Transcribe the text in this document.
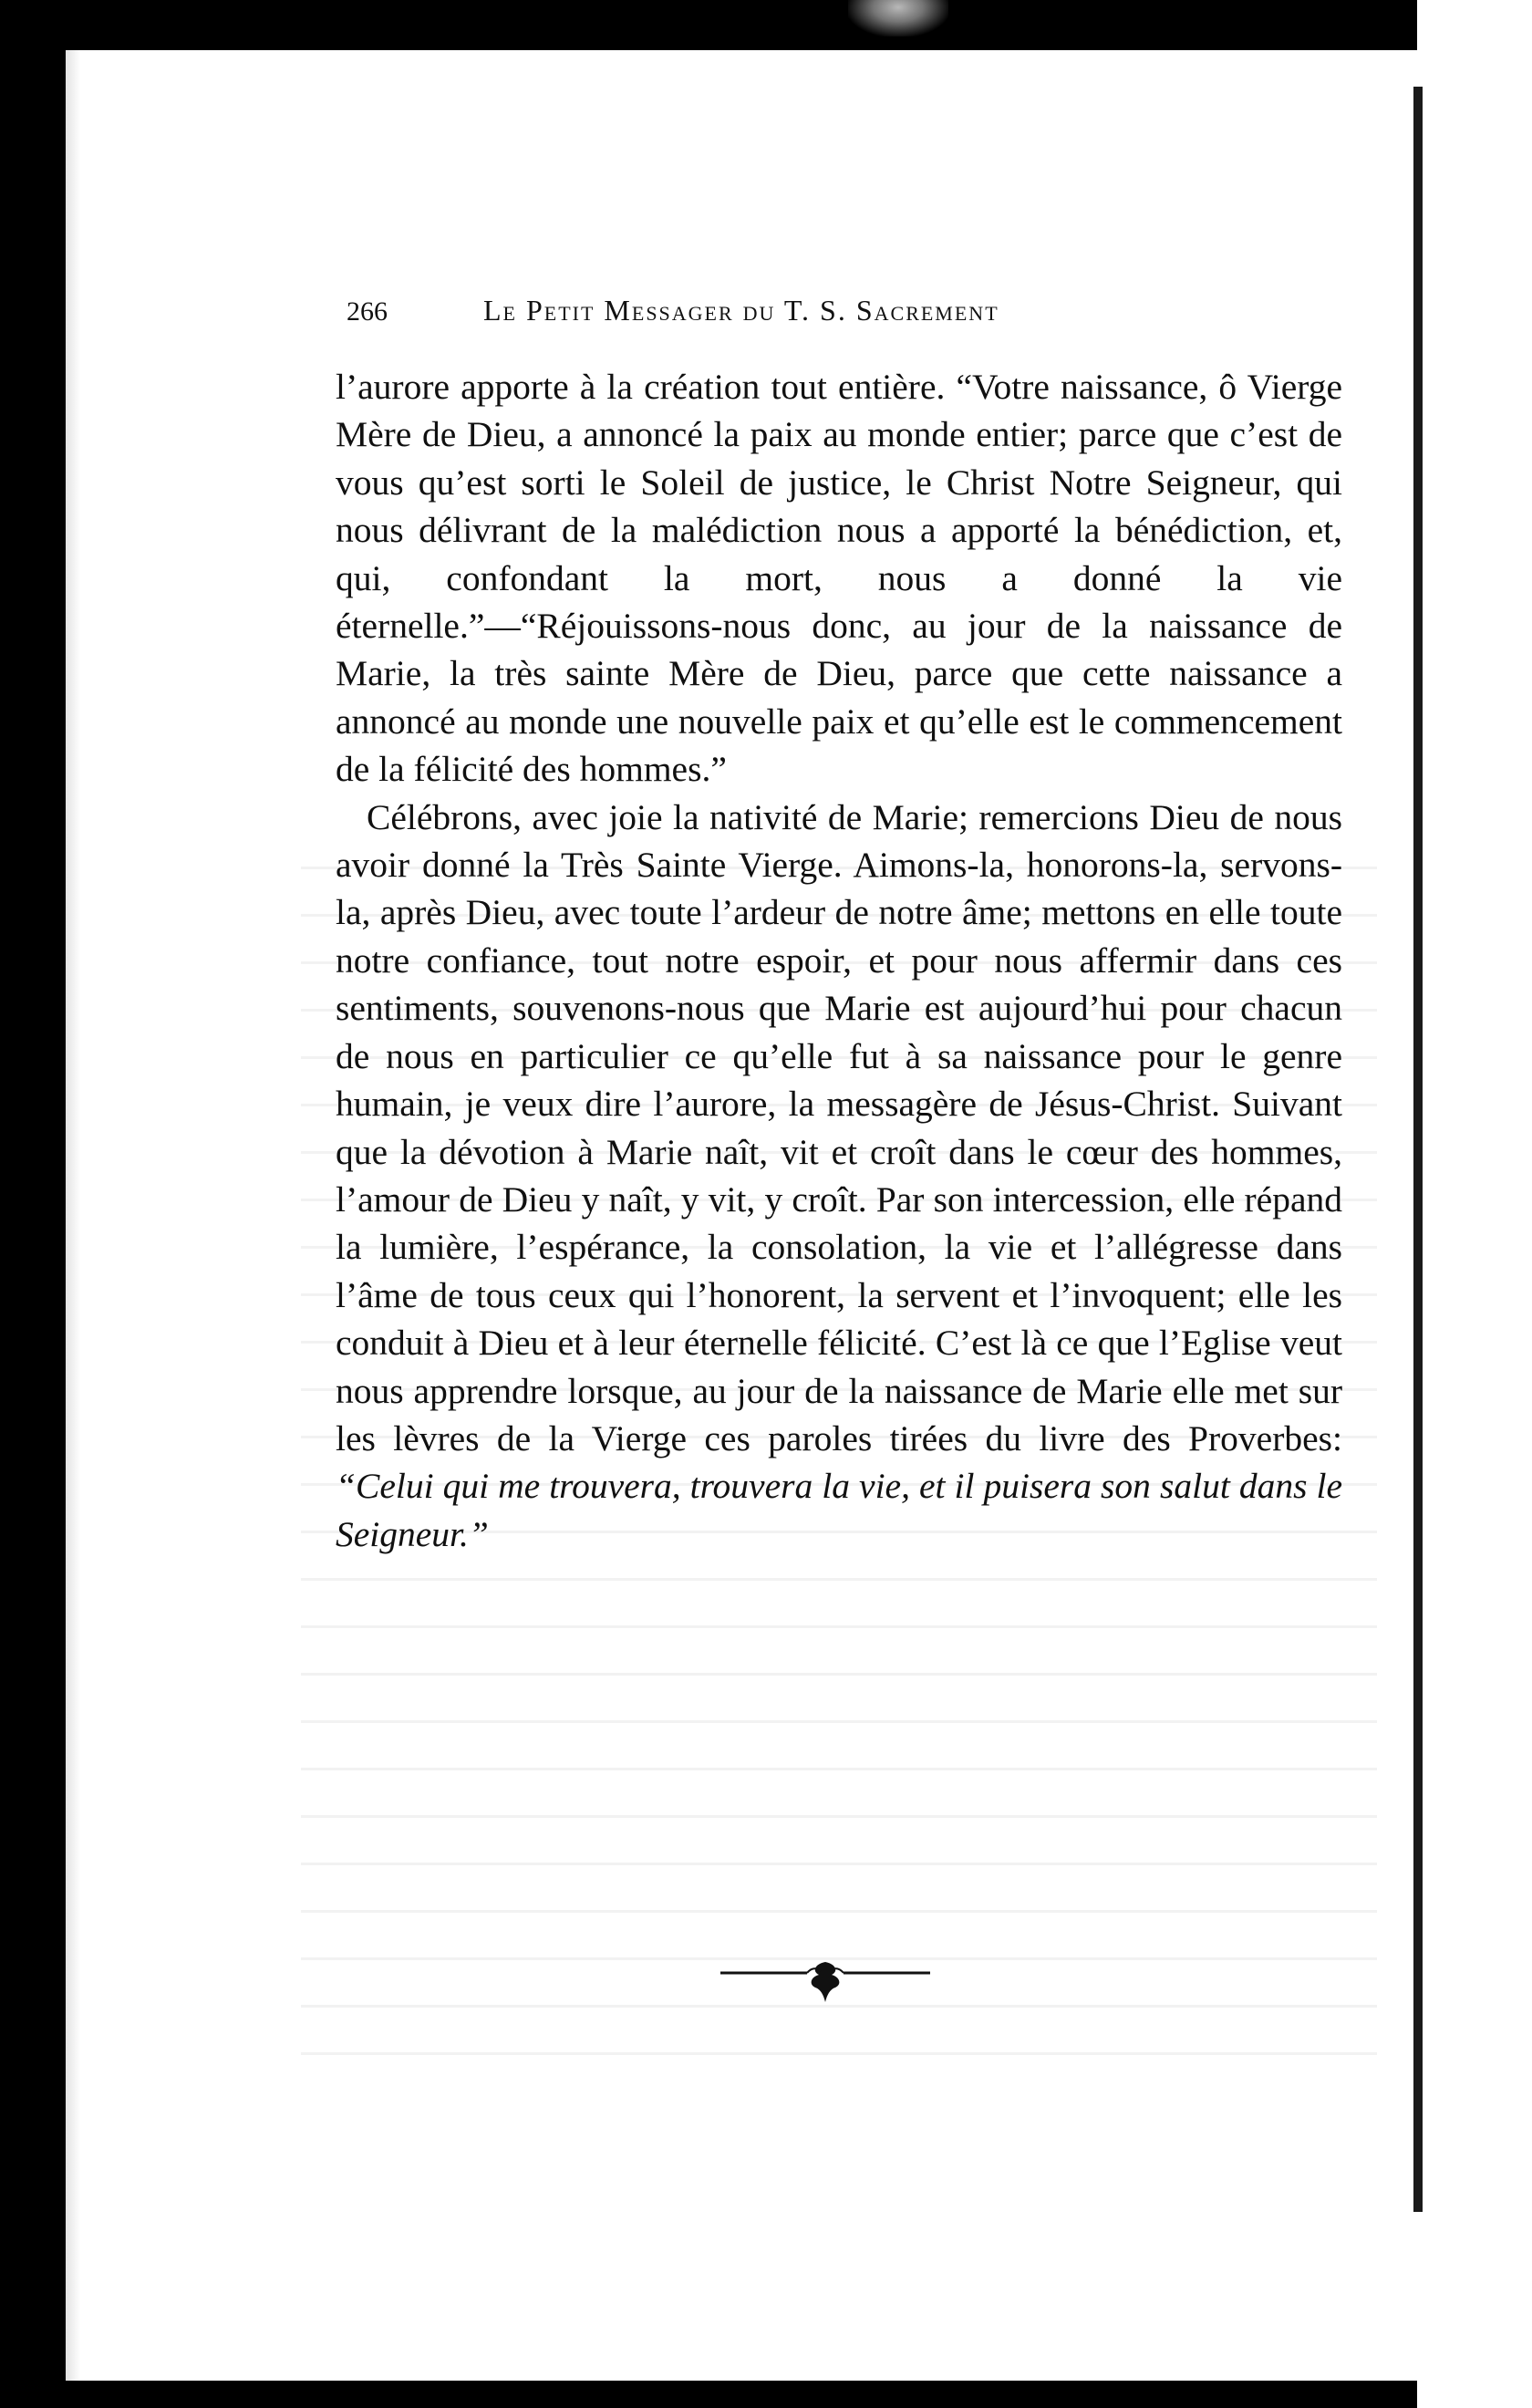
266	Le Petit Messager du T. S. Sacrement

l’aurore apporte à la création tout entière. “Votre naissance, ô Vierge Mère de Dieu, a annoncé la paix au monde entier; parce que c’est de vous qu’est sorti le Soleil de justice, le Christ Notre Seigneur, qui nous délivrant de la malédiction nous a apporté la bénédiction, et, qui, confondant la mort, nous a donné la vie éternelle.”—“Réjouissons-nous donc, au jour de la naissance de Marie, la très sainte Mère de Dieu, parce que cette naissance a annoncé au monde une nouvelle paix et qu’elle est le commencement de la félicité des hommes.”

Célébrons, avec joie la nativité de Marie; remercions Dieu de nous avoir donné la Très Sainte Vierge. Aimons-la, honorons-la, servons-la, après Dieu, avec toute l’ardeur de notre âme; mettons en elle toute notre confiance, tout notre espoir, et pour nous affermir dans ces sentiments, souvenons-nous que Marie est aujourd’hui pour chacun de nous en particulier ce qu’elle fut à sa naissance pour le genre humain, je veux dire l’aurore, la messagère de Jésus-Christ. Suivant que la dévotion à Marie naît, vit et croît dans le cœur des hommes, l’amour de Dieu y naît, y vit, y croît. Par son intercession, elle répand la lumière, l’espérance, la consolation, la vie et l’allégresse dans l’âme de tous ceux qui l’honorent, la servent et l’invoquent; elle les conduit à Dieu et à leur éternelle félicité. C’est là ce que l’Eglise veut nous apprendre lorsque, au jour de la naissance de Marie elle met sur les lèvres de la Vierge ces paroles tirées du livre des Proverbes: “Celui qui me trouvera, trouvera la vie, et il puisera son salut dans le Seigneur.”
